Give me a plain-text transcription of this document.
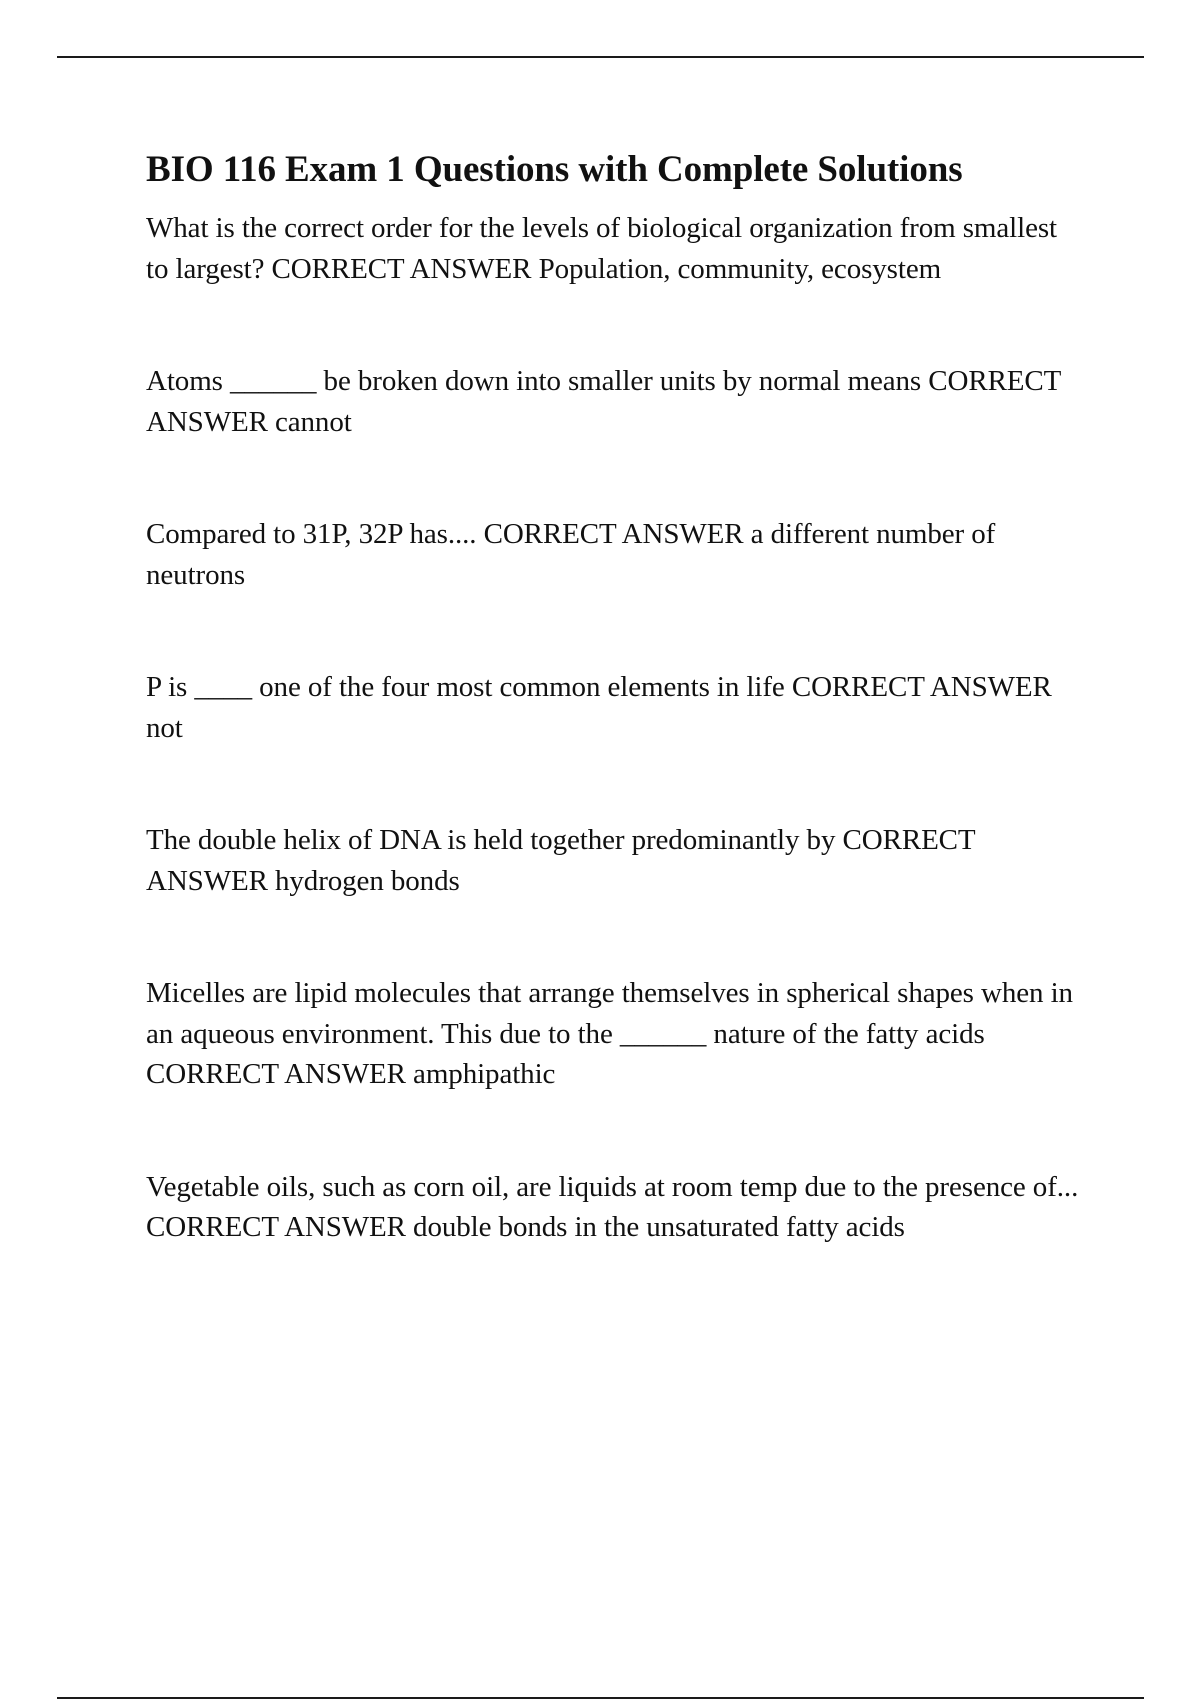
BIO 116 Exam 1 Questions with Complete Solutions

What is the correct order for the levels of biological organization from smallest to largest? CORRECT ANSWER Population, community, ecosystem

Atoms ______ be broken down into smaller units by normal means CORRECT ANSWER cannot

Compared to 31P, 32P has.... CORRECT ANSWER a different number of neutrons

P is ____ one of the four most common elements in life CORRECT ANSWER not

The double helix of DNA is held together predominantly by CORRECT ANSWER hydrogen bonds

Micelles are lipid molecules that arrange themselves in spherical shapes when in an aqueous environment. This due to the ______ nature of the fatty acids CORRECT ANSWER amphipathic

Vegetable oils, such as corn oil, are liquids at room temp due to the presence of... CORRECT ANSWER double bonds in the unsaturated fatty acids
